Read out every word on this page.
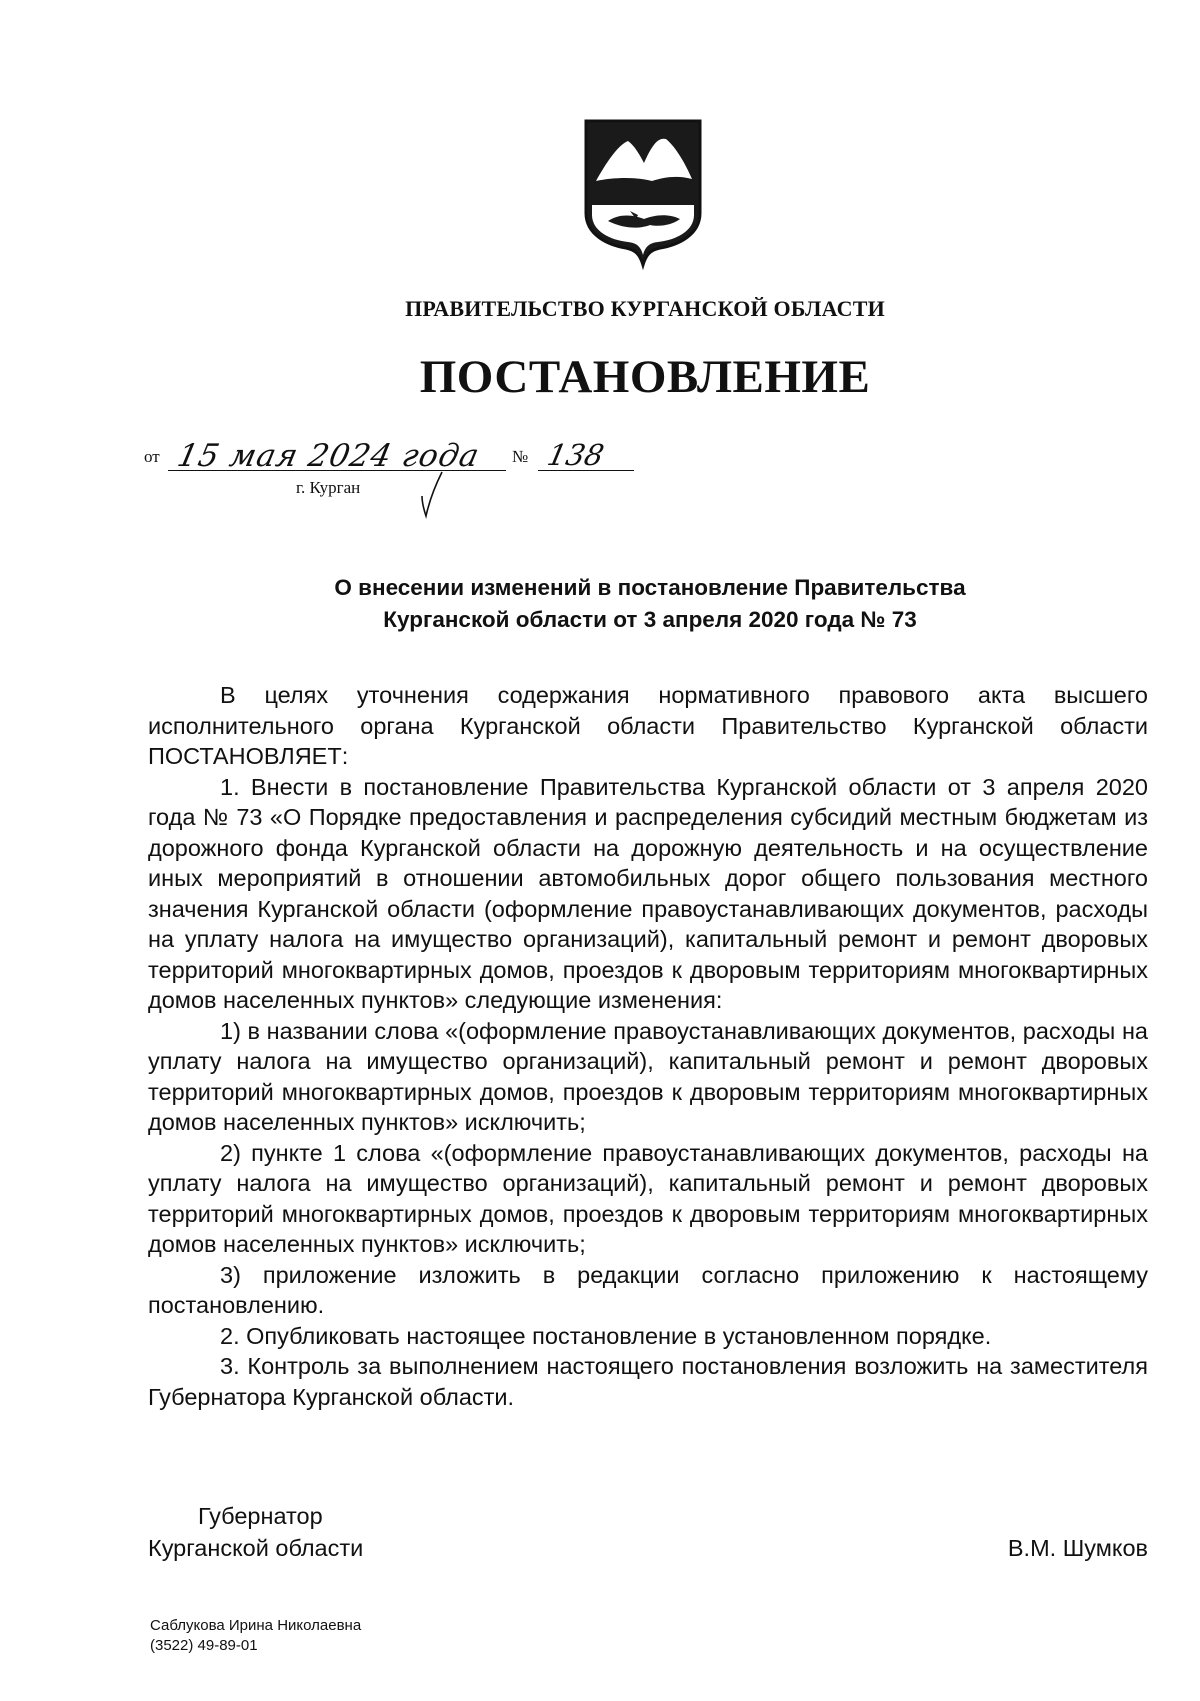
ПРАВИТЕЛЬСТВО КУРГАНСКОЙ ОБЛАСТИ
ПОСТАНОВЛЕНИЕ
от 15 мая 2024 года № 138
г. Курган
О внесении изменений в постановление Правительства
Курганской области от 3 апреля 2020 года № 73

В целях уточнения содержания нормативного правового акта высшего исполнительного органа Курганской области Правительство Курганской области ПОСТАНОВЛЯЕТ:

1. Внести в постановление Правительства Курганской области от 3 апреля 2020 года № 73 «О Порядке предоставления и распределения субсидий местным бюджетам из дорожного фонда Курганской области на дорожную деятельность и на осуществление иных мероприятий в отношении автомобильных дорог общего пользования местного значения Курганской области (оформление правоустанавливающих документов, расходы на уплату налога на имущество организаций), капитальный ремонт и ремонт дворовых территорий многоквартирных домов, проездов к дворовым территориям многоквартирных домов населенных пунктов» следующие изменения:

1) в названии слова «(оформление правоустанавливающих документов, расходы на уплату налога на имущество организаций), капитальный ремонт и ремонт дворовых территорий многоквартирных домов, проездов к дворовым территориям многоквартирных домов населенных пунктов» исключить;

2) пункте 1 слова «(оформление правоустанавливающих документов, расходы на уплату налога на имущество организаций), капитальный ремонт и ремонт дворовых территорий многоквартирных домов, проездов к дворовым территориям многоквартирных домов населенных пунктов» исключить;

3) приложение изложить в редакции согласно приложению к настоящему постановлению.

2. Опубликовать настоящее постановление в установленном порядке.

3. Контроль за выполнением настоящего постановления возложить на заместителя Губернатора Курганской области.

Губернатор
Курганской области	В.М. Шумков
Саблукова Ирина Николаевна
(3522) 49-89-01
